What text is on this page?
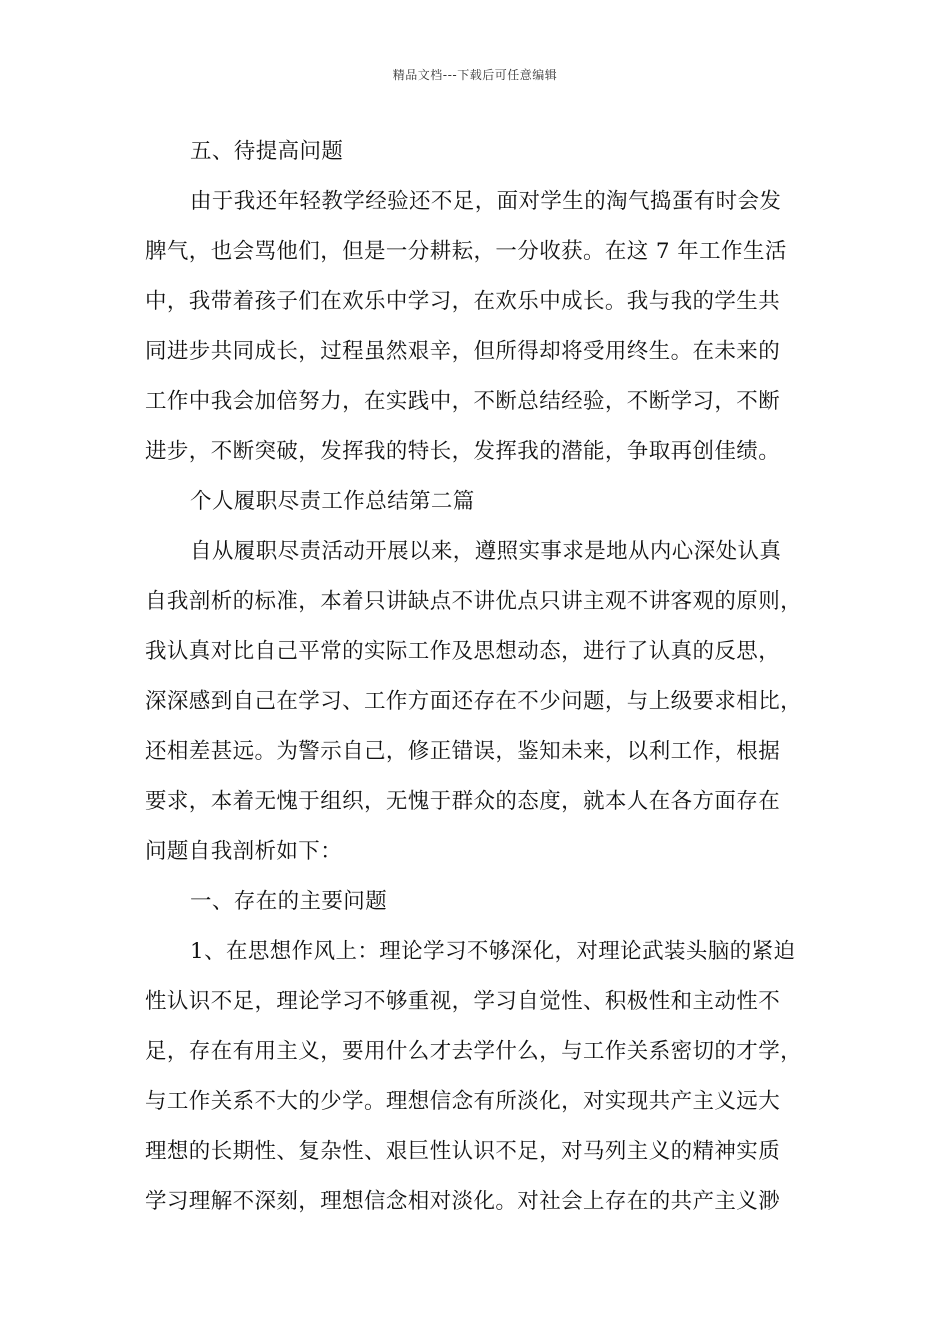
精品文档---下载后可任意编辑
五、待提高问题
由于我还年轻教学经验还不足，面对学生的淘气捣蛋有时会发
脾气，也会骂他们，但是一分耕耘，一分收获。在这 7 年工作生活
中，我带着孩子们在欢乐中学习，在欢乐中成长。我与我的学生共
同进步共同成长，过程虽然艰辛，但所得却将受用终生。在未来的
工作中我会加倍努力，在实践中，不断总结经验，不断学习，不断
进步，不断突破，发挥我的特长，发挥我的潜能，争取再创佳绩。
个人履职尽责工作总结第二篇
自从履职尽责活动开展以来，遵照实事求是地从内心深处认真
自我剖析的标准，本着只讲缺点不讲优点只讲主观不讲客观的原则，
我认真对比自己平常的实际工作及思想动态，进行了认真的反思，
深深感到自己在学习、工作方面还存在不少问题，与上级要求相比，
还相差甚远。为警示自己，修正错误，鉴知未来，以利工作，根据
要求，本着无愧于组织，无愧于群众的态度，就本人在各方面存在
问题自我剖析如下：
一、存在的主要问题
1、在思想作风上：理论学习不够深化，对理论武装头脑的紧迫
性认识不足，理论学习不够重视，学习自觉性、积极性和主动性不
足，存在有用主义，要用什么才去学什么，与工作关系密切的才学，
与工作关系不大的少学。理想信念有所淡化，对实现共产主义远大
理想的长期性、复杂性、艰巨性认识不足，对马列主义的精神实质
学习理解不深刻，理想信念相对淡化。对社会上存在的共产主义渺
